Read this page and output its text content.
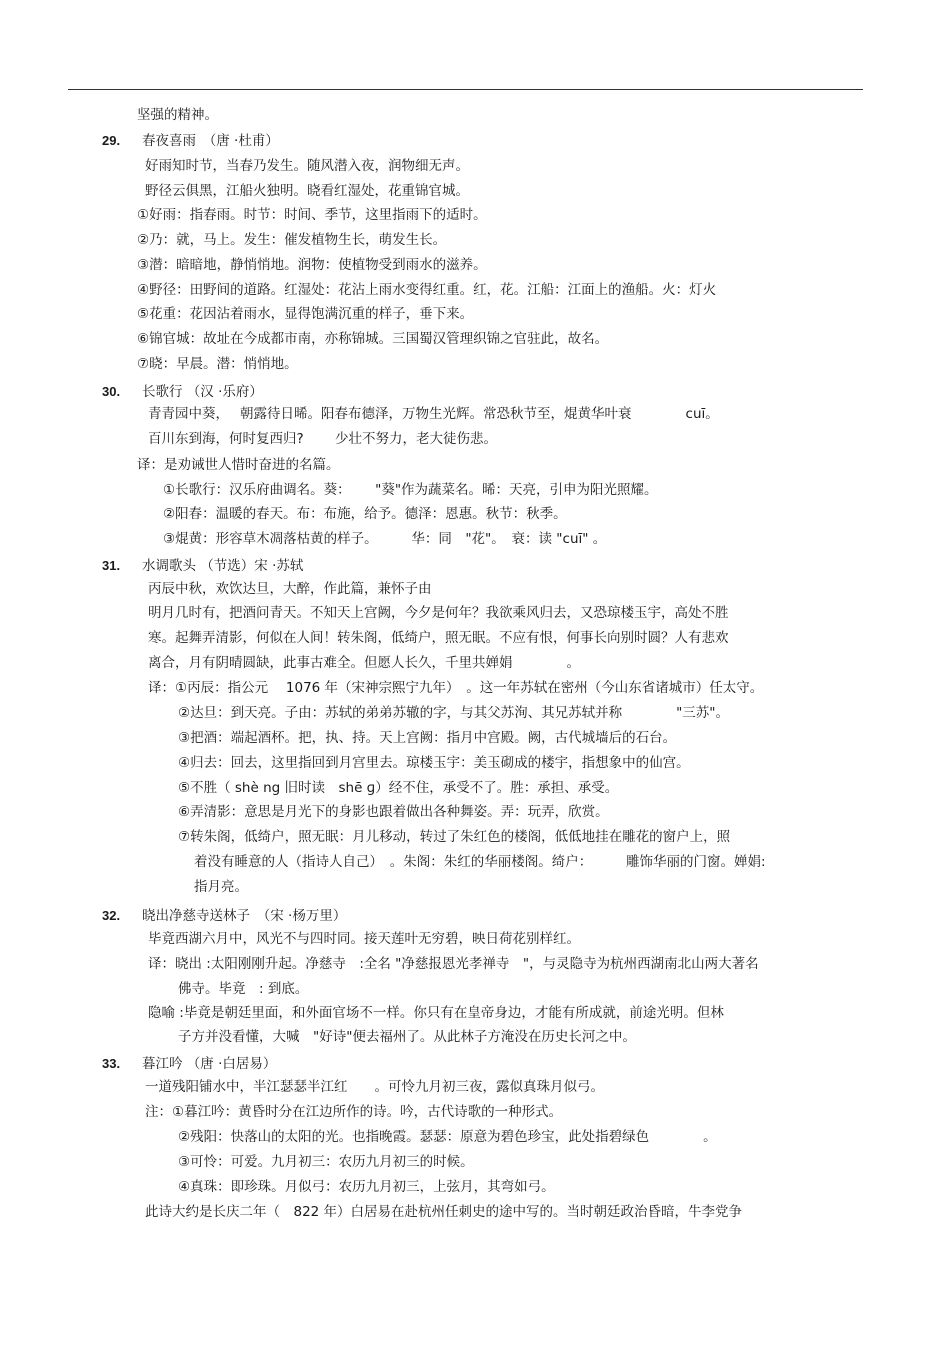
坚强的精神。
29. 春夜喜雨　（唐 ·杜甫）
好雨知时节，当春乃发生。随风潜入夜，润物细无声。
野径云俱黑，江船火独明。晓看红湿处，花重锦官城。
①好雨：指春雨。时节：时间、季节，这里指雨下的适时。
②乃：就，马上。发生：催发植物生长，萌发生长。
③潜：暗暗地，静悄悄地。润物：使植物受到雨水的滋养。
④野径：田野间的道路。红湿处：花沾上雨水变得红重。红，花。江船：江面上的渔船。火：灯火
⑤花重：花因沾着雨水，显得饱满沉重的样子，垂下来。
⑥锦官城：故址在今成都市南，亦称锦城。三国蜀汉管理织锦之官驻此，故名。
⑦晓：早晨。潜：悄悄地。
30. 长歌行 （汉 ·乐府）
青青园中葵，　 朝露待日晞。阳春布德泽，万物生光辉。常恐秋节至，焜黄华叶衰　　　　cuī。
百川东到海，何时复西归?　　 少壮不努力，老大徒伤悲。
译：是劝诫世人惜时奋进的名篇。
①长歌行：汉乐府曲调名。葵：　　 "葵"作为蔬菜名。晞：天亮，引申为阳光照耀。
②阳春：温暖的春天。布：布施，给予。德泽：恩惠。秋节：秋季。
③焜黄：形容草木凋落枯黄的样子。　　　华：同　"花"。　衰：读 "cuī" 。
31. 水调歌头 （节选）宋 ·苏轼
丙辰中秋，欢饮达旦，大醉，作此篇，兼怀子由
明月几时有，把酒问青天。不知天上宫阙，今夕是何年？我欲乘风归去，又恐琼楼玉宇，高处不胜
寒。起舞弄清影，何似在人间！转朱阁，低绮户，照无眠。不应有恨，何事长向别时圆？人有悲欢
离合，月有阴晴圆缺，此事古难全。但愿人长久，千里共婵娟　　　　。
译：①丙辰：指公元　 1076 年（宋神宗熙宁九年）　。这一年苏轼在密州（今山东省诸城市）任太守。
②达旦：到天亮。子由：苏轼的弟弟苏辙的字，与其父苏洵、其兄苏轼并称　　　　"三苏"。
③把酒：端起酒杯。把，执、持。天上宫阙：指月中宫殿。阙，古代城墙后的石台。
④归去：回去，这里指回到月宫里去。琼楼玉宇：美玉砌成的楼宇，指想象中的仙宫。
⑤不胜（ shè ng 旧时读　shē ɡ）经不住，承受不了。胜：承担、承受。
⑥弄清影：意思是月光下的身影也跟着做出各种舞姿。弄：玩弄，欣赏。
⑦转朱阁，低绮户，照无眠：月儿移动，转过了朱红色的楼阁，低低地挂在雕花的窗户上，照
着没有睡意的人（指诗人自己）　。朱阁：朱红的华丽楼阁。绮户：　　　雕饰华丽的门窗。婵娟:
指月亮。
32. 晓出净慈寺送林子　（宋 ·杨万里）
毕竟西湖六月中，风光不与四时同。接天莲叶无穷碧，映日荷花别样红。
译：晓出 :太阳刚刚升起。净慈寺　:全名 "净慈报恩光孝禅寺　"，与灵隐寺为杭州西湖南北山两大著名
佛寺。毕竟　: 到底。
隐喻 :毕竟是朝廷里面，和外面官场不一样。你只有在皇帝身边，才能有所成就，前途光明。但林
子方并没看懂，大喊　"好诗"便去福州了。从此林子方淹没在历史长河之中。
33. 暮江吟 （唐 ·白居易）
一道残阳铺水中，半江瑟瑟半江红　　。可怜九月初三夜，露似真珠月似弓。
注：①暮江吟：黄昏时分在江边所作的诗。吟，古代诗歌的一种形式。
②残阳：快落山的太阳的光。也指晚霞。瑟瑟：原意为碧色珍宝，此处指碧绿色　　　　。
③可怜：可爱。九月初三：农历九月初三的时候。
④真珠：即珍珠。月似弓：农历九月初三，上弦月，其弯如弓。
此诗大约是长庆二年（　822 年）白居易在赴杭州任刺史的途中写的。当时朝廷政治昏暗，牛李党争
